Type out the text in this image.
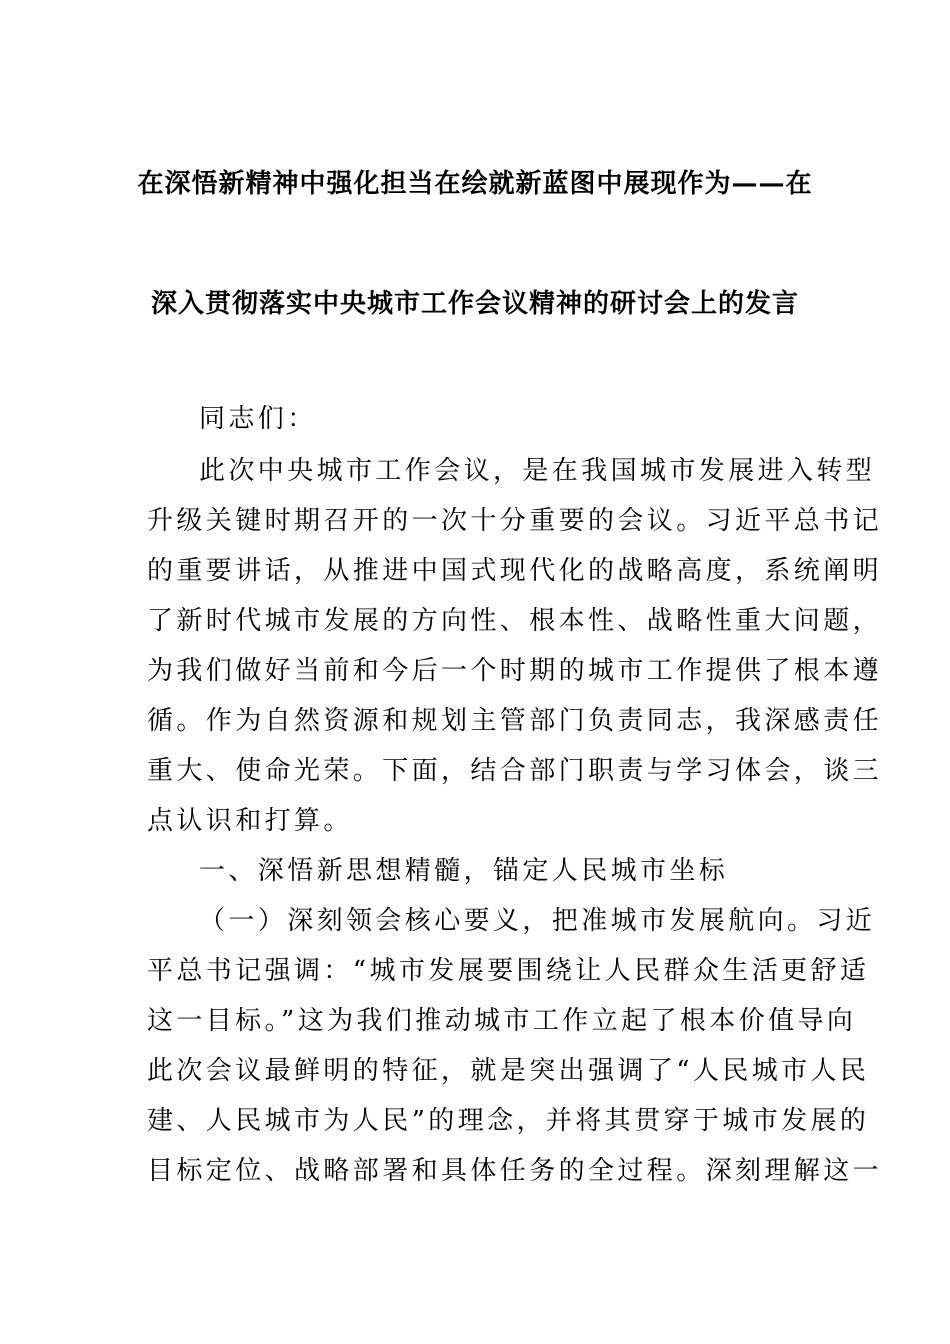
在深悟新精神中强化担当在绘就新蓝图中展现作为——在
深入贯彻落实中央城市工作会议精神的研讨会上的发言
同志们：
此次中央城市工作会议，是在我国城市发展进入转型
升级关键时期召开的一次十分重要的会议。习近平总书记
的重要讲话，从推进中国式现代化的战略高度，系统阐明
了新时代城市发展的方向性、根本性、战略性重大问题，
为我们做好当前和今后一个时期的城市工作提供了根本遵
循。作为自然资源和规划主管部门负责同志，我深感责任
重大、使命光荣。下面，结合部门职责与学习体会，谈三
点认识和打算。
一、深悟新思想精髓，锚定人民城市坐标
（一）深刻领会核心要义，把准城市发展航向。习近
平总书记强调：“城市发展要围绕让人民群众生活更舒适
这一目标。”这为我们推动城市工作立起了根本价值导向
此次会议最鲜明的特征，就是突出强调了“人民城市人民
建、人民城市为人民”的理念，并将其贯穿于城市发展的
目标定位、战略部署和具体任务的全过程。深刻理解这一
